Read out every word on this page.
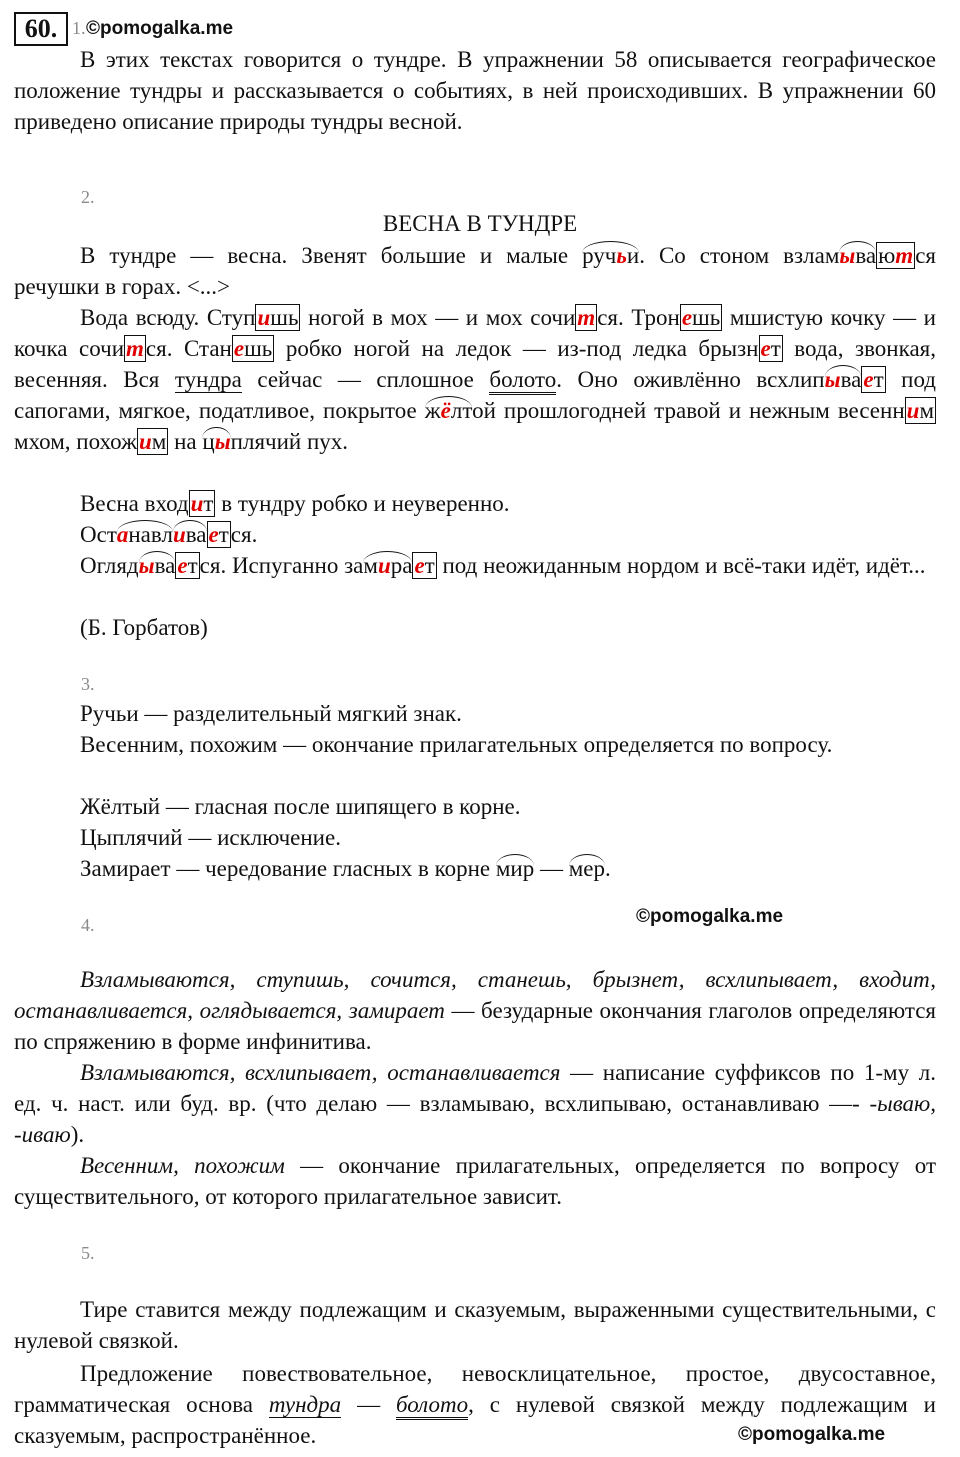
60. 1. ©pomogalka.me

В этих текстах говорится о тундре. В упражнении 58 описывается географическое положение тундры и рассказывается о событиях, в ней происходивших. В упражнении 60 приведено описание природы тундры весной.

2.
ВЕСНА В ТУНДРЕ

В тундре — весна. Звенят большие и малые ручьи. Со стоном взламываются речушки в горах. <...>

Вода всюду. Ступишь ногой в мох — и мох сочится. Тронешь мшистую кочку — и кочка сочится. Станешь робко ногой на ледок — из-под ледка брызнет вода, звонкая, весенняя. Вся тундра сейчас — сплошное болото. Оно оживлённо всхлипывает под сапогами, мягкое, податливое, покрытое жёлтой прошлогодней травой и нежным весенним мхом, похожим на цыплячий пух.

Весна входит в тундру робко и неуверенно.

Останавливается.

Оглядывается. Испуганно замирает под неожиданным нордом и всё-таки идёт, идёт...

(Б. Горбатов)
3.
Ручьи — разделительный мягкий знак.

Весенним, похожим — окончание прилагательных определяется по вопросу.

Жёлтый — гласная после шипящего в корне.
Цыплячий — исключение.
Замирает — чередование гласных в корне мир — мер.
©pomogalka.me
4.

Взламываются, ступишь, сочится, станешь, брызнет, всхлипывает, входит, останавливается, оглядывается, замирает — безударные окончания глаголов определяются по спряжению в форме инфинитива.

Взламываются, всхлипывает, останавливается — написание суффиксов по 1-му л. ед. ч. наст. или буд. вр. (что делаю — взламываю, всхлипываю, останавливаю —- -ываю, -иваю).

Весенним, похожим — окончание прилагательных, определяется по вопросу от существительного, от которого прилагательное зависит.

5.

Тире ставится между подлежащим и сказуемым, выраженными существительными, с нулевой связкой.

Предложение повествовательное, невосклицательное, простое, двусоставное, грамматическая основа тундра — болото, с нулевой связкой между подлежащим и сказуемым, распространённое.	©pomogalka.me
